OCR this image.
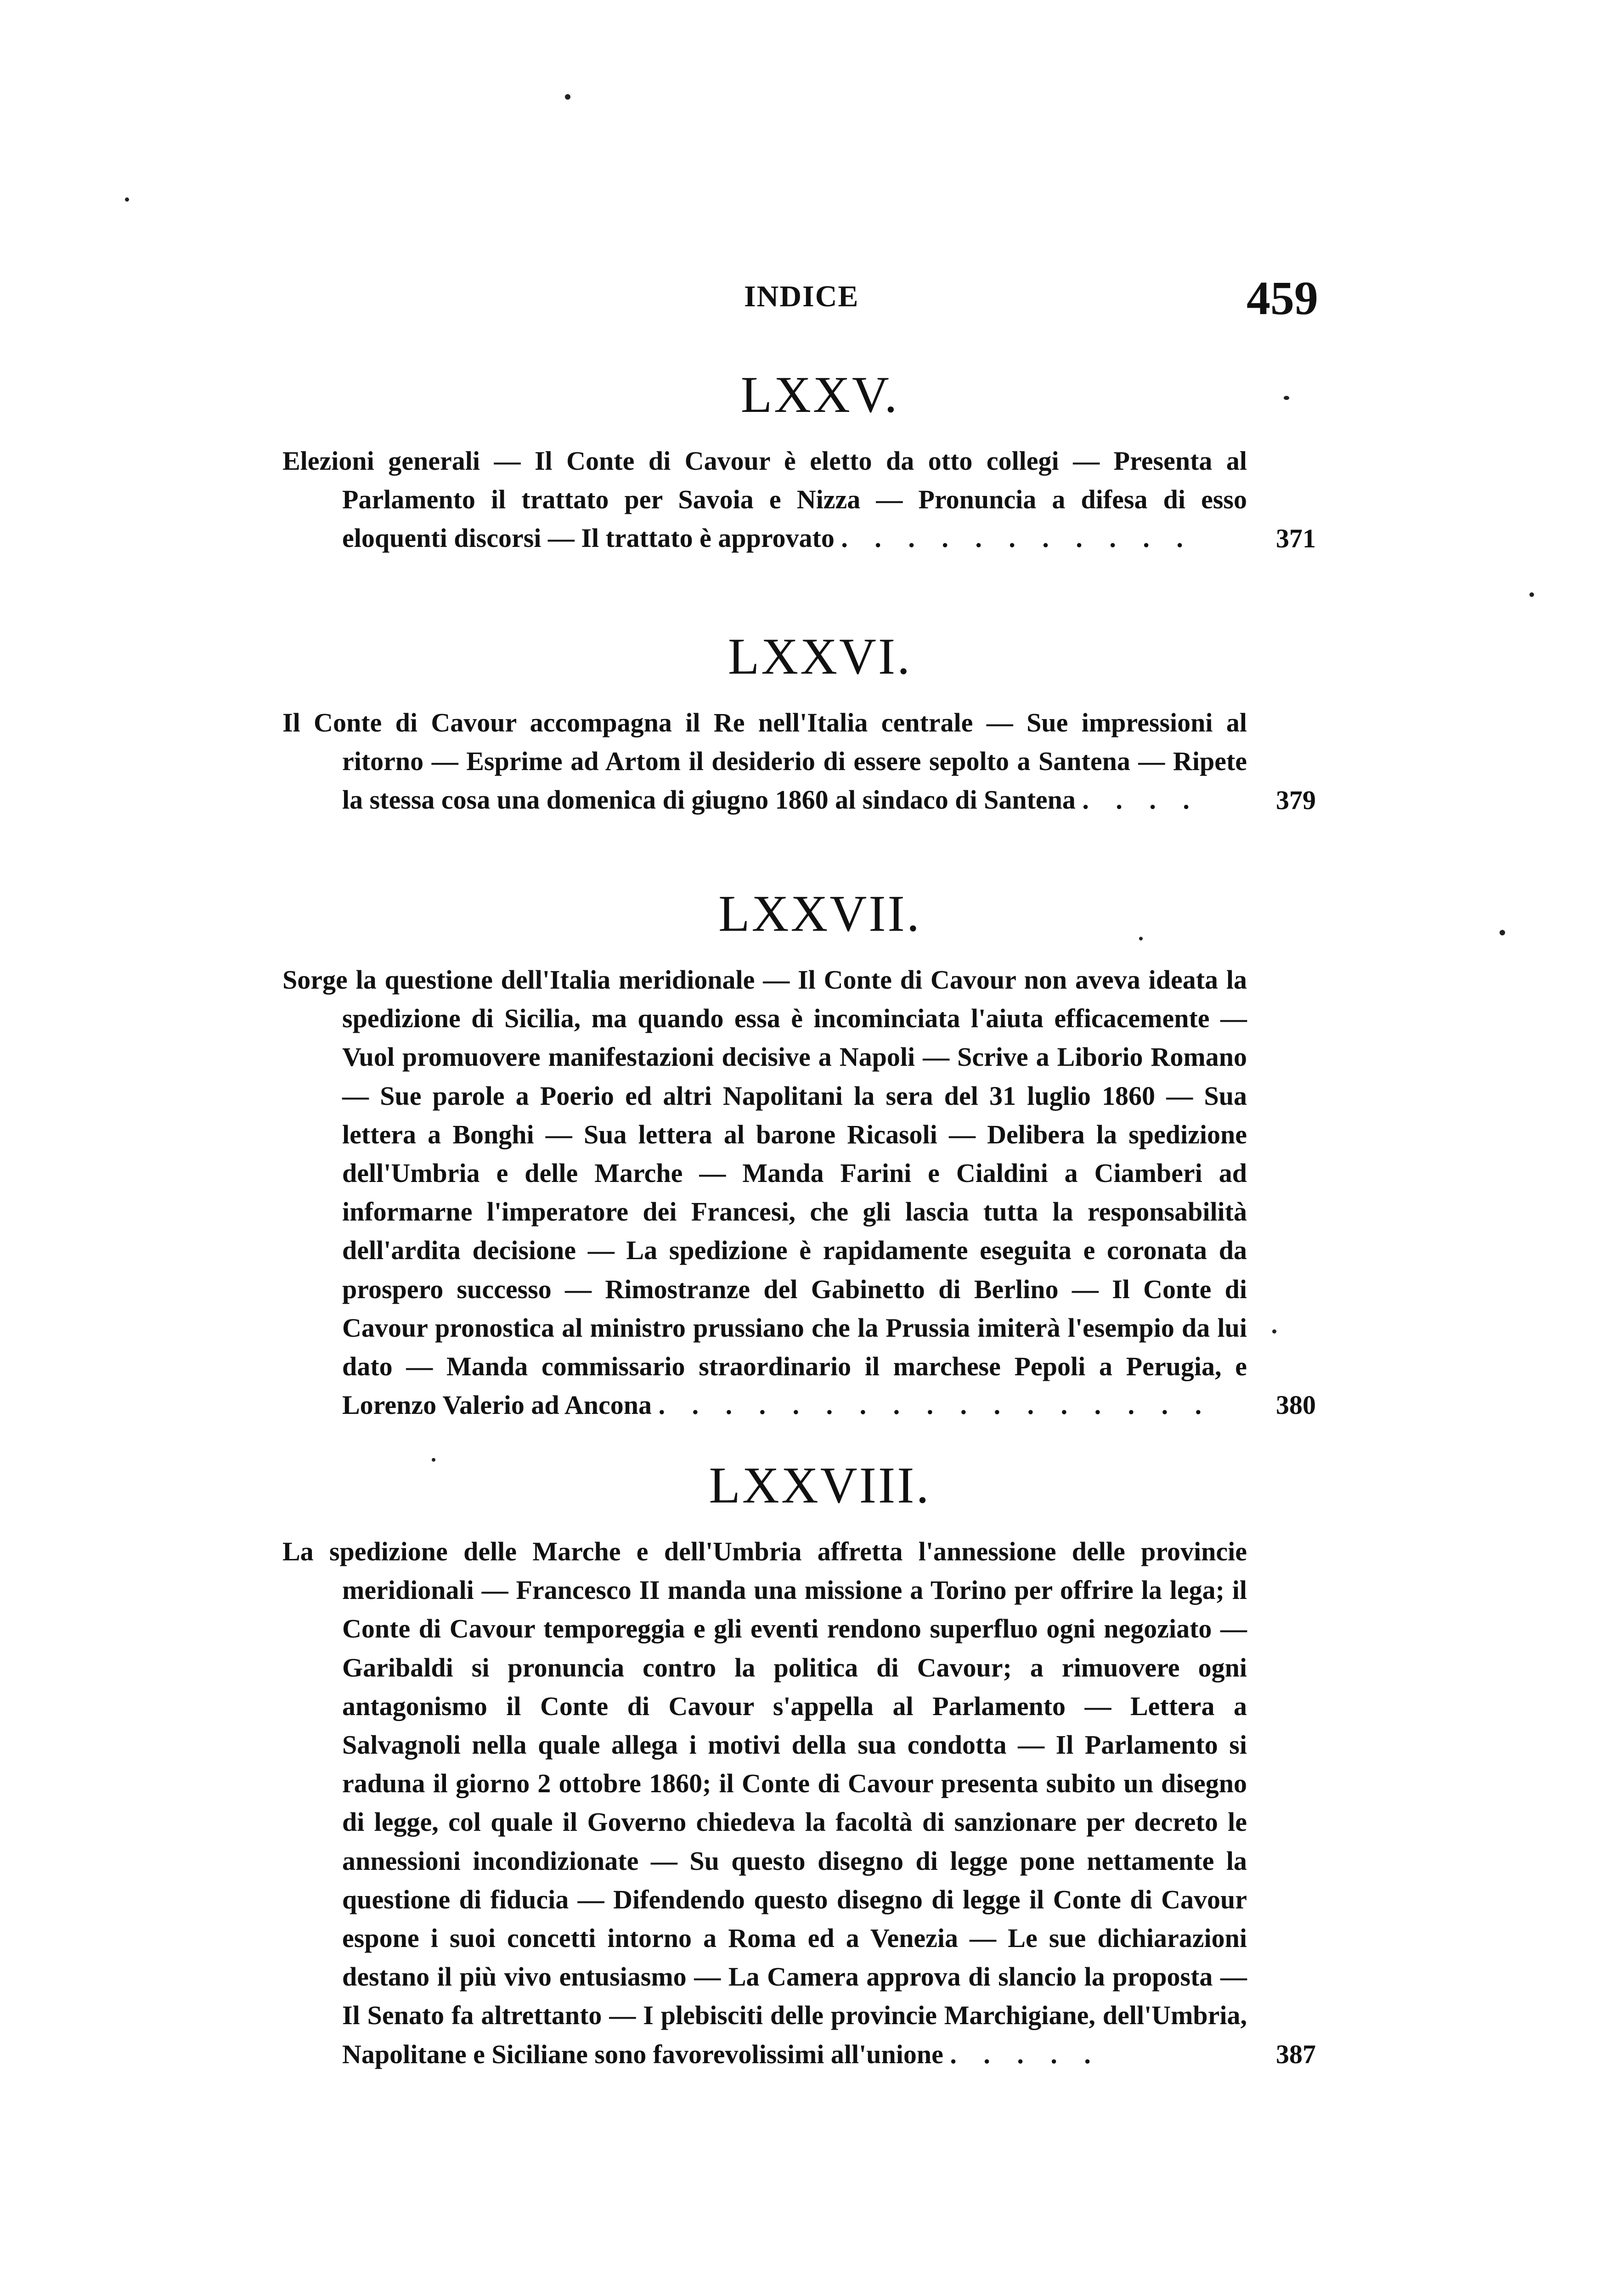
INDICE	459
LXXV.
Elezioni generali — Il Conte di Cavour è eletto da otto collegi — Presenta al Parlamento il trattato per Savoia e Nizza — Pronuncia a difesa di esso eloquenti discorsi — Il trattato è approvato . . . . . . . . . . .	371
LXXVI.
Il Conte di Cavour accompagna il Re nell'Italia centrale — Sue impressioni al ritorno — Esprime ad Artom il desiderio di essere sepolto a Santena — Ripete la stessa cosa una domenica di giugno 1860 al sindaco di Santena . . . .	379
LXXVII.
Sorge la questione dell'Italia meridionale — Il Conte di Cavour non aveva ideata la spedizione di Sicilia, ma quando essa è incominciata l'aiuta efficacemente — Vuol promuovere manifestazioni decisive a Napoli — Scrive a Liborio Romano — Sue parole a Poerio ed altri Napolitani la sera del 31 luglio 1860 — Sua lettera a Bonghi — Sua lettera al barone Ricasoli — Delibera la spedizione dell'Umbria e delle Marche — Manda Farini e Cialdini a Ciamberi ad informarne l'imperatore dei Francesi, che gli lascia tutta la responsabilità dell'ardita decisione — La spedizione è rapidamente eseguita e coronata da prospero successo — Rimostranze del Gabinetto di Berlino — Il Conte di Cavour pronostica al ministro prussiano che la Prussia imiterà l'esempio da lui dato — Manda commissario straordinario il marchese Pepoli a Perugia, e Lorenzo Valerio ad Ancona . . . . . . . . . . . . . . . . . 380
LXXVIII.
La spedizione delle Marche e dell'Umbria affretta l'annessione delle provincie meridionali — Francesco II manda una missione a Torino per offrire la lega; il Conte di Cavour temporeggia e gli eventi rendono superfluo ogni negoziato — Garibaldi si pronuncia contro la politica di Cavour; a rimuovere ogni antagonismo il Conte di Cavour s'appella al Parlamento — Lettera a Salvagnoli nella quale allega i motivi della sua condotta — Il Parlamento si raduna il giorno 2 ottobre 1860; il Conte di Cavour presenta subito un disegno di legge, col quale il Governo chiedeva la facoltà di sanzionare per decreto le annessioni incondizionate — Su questo disegno di legge pone nettamente la questione di fiducia — Difendendo questo disegno di legge il Conte di Cavour espone i suoi concetti intorno a Roma ed a Venezia — Le sue dichiarazioni destano il più vivo entusiasmo — La Camera approva di slancio la proposta — Il Senato fa altrettanto — I plebisciti delle provincie Marchigiane, dell'Umbria, Napolitane e Siciliane sono favorevolissimi all'unione . . . . .	387
